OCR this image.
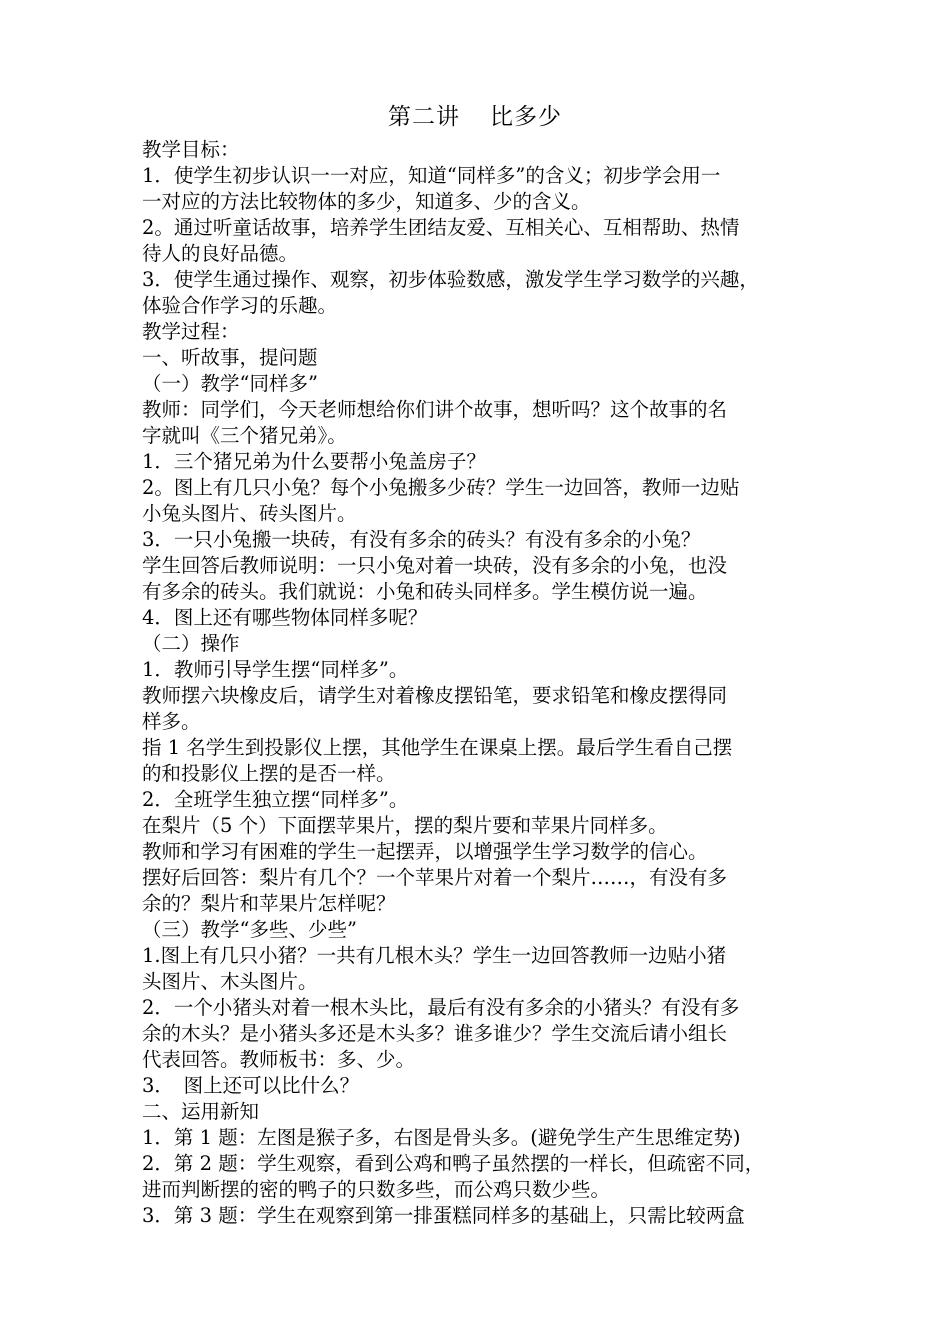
第二讲 比多少
教学目标：
1．使学生初步认识一一对应，知道“同样多”的含义；初步学会用一
一对应的方法比较物体的多少，知道多、少的含义。
2。通过听童话故事，培养学生团结友爱、互相关心、互相帮助、热情
待人的良好品德。
3．使学生通过操作、观察，初步体验数感，激发学生学习数学的兴趣，
体验合作学习的乐趣。
教学过程：
一、听故事，提问题
（一）教学“同样多”
教师：同学们，今天老师想给你们讲个故事，想听吗？这个故事的名
字就叫《三个猪兄弟》。
1．三个猪兄弟为什么要帮小兔盖房子？
2。图上有几只小兔？每个小兔搬多少砖？学生一边回答，教师一边贴
小兔头图片、砖头图片。
3．一只小兔搬一块砖，有没有多余的砖头？有没有多余的小兔？
学生回答后教师说明：一只小兔对着一块砖，没有多余的小兔，也没
有多余的砖头。我们就说：小兔和砖头同样多。学生模仿说一遍。
4．图上还有哪些物体同样多呢？
（二）操作
1．教师引导学生摆“同样多”。
教师摆六块橡皮后，请学生对着橡皮摆铅笔，要求铅笔和橡皮摆得同
样多。
指 1 名学生到投影仪上摆，其他学生在课桌上摆。最后学生看自己摆
的和投影仪上摆的是否一样。
2．全班学生独立摆“同样多”。
在梨片（5 个）下面摆苹果片，摆的梨片要和苹果片同样多。
教师和学习有困难的学生一起摆弄，以增强学生学习数学的信心。
摆好后回答：梨片有几个？一个苹果片对着一个梨片……，有没有多
余的？梨片和苹果片怎样呢？
（三）教学“多些、少些”
1.图上有几只小猪？一共有几根木头？学生一边回答教师一边贴小猪
头图片、木头图片。
2．一个小猪头对着一根木头比，最后有没有多余的小猪头？有没有多
余的木头？是小猪头多还是木头多？谁多谁少？学生交流后请小组长
代表回答。教师板书：多、少。
3．　图上还可以比什么？
二、运用新知
1．第 1 题：左图是猴子多，右图是骨头多。(避免学生产生思维定势)
2．第 2 题：学生观察，看到公鸡和鸭子虽然摆的一样长，但疏密不同，
进而判断摆的密的鸭子的只数多些，而公鸡只数少些。
3．第 3 题：学生在观察到第一排蛋糕同样多的基础上，只需比较两盒
